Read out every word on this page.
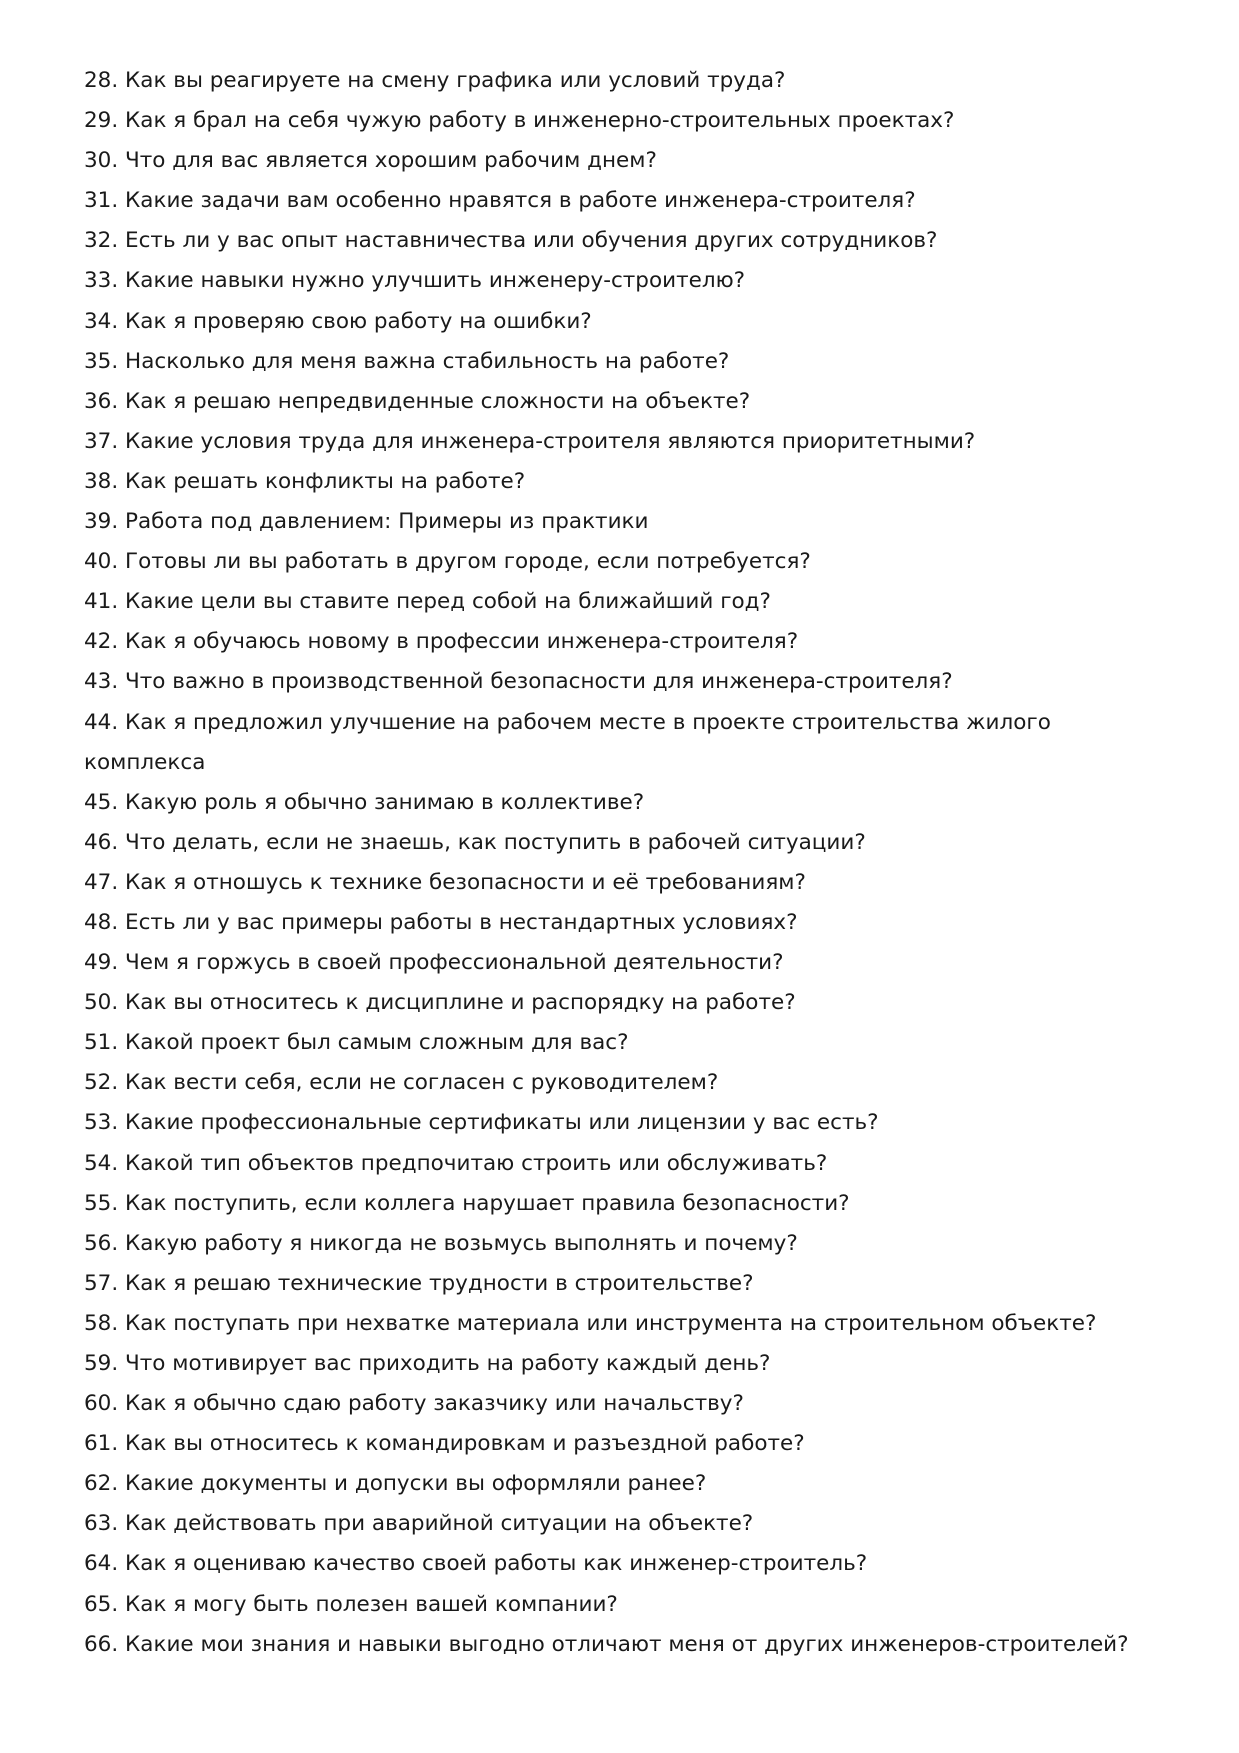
28. Как вы реагируете на смену графика или условий труда?
29. Как я брал на себя чужую работу в инженерно-строительных проектах?
30. Что для вас является хорошим рабочим днем?
31. Какие задачи вам особенно нравятся в работе инженера-строителя?
32. Есть ли у вас опыт наставничества или обучения других сотрудников?
33. Какие навыки нужно улучшить инженеру-строителю?
34. Как я проверяю свою работу на ошибки?
35. Насколько для меня важна стабильность на работе?
36. Как я решаю непредвиденные сложности на объекте?
37. Какие условия труда для инженера-строителя являются приоритетными?
38. Как решать конфликты на работе?
39. Работа под давлением: Примеры из практики
40. Готовы ли вы работать в другом городе, если потребуется?
41. Какие цели вы ставите перед собой на ближайший год?
42. Как я обучаюсь новому в профессии инженера-строителя?
43. Что важно в производственной безопасности для инженера-строителя?
44. Как я предложил улучшение на рабочем месте в проекте строительства жилого
комплекса
45. Какую роль я обычно занимаю в коллективе?
46. Что делать, если не знаешь, как поступить в рабочей ситуации?
47. Как я отношусь к технике безопасности и её требованиям?
48. Есть ли у вас примеры работы в нестандартных условиях?
49. Чем я горжусь в своей профессиональной деятельности?
50. Как вы относитесь к дисциплине и распорядку на работе?
51. Какой проект был самым сложным для вас?
52. Как вести себя, если не согласен с руководителем?
53. Какие профессиональные сертификаты или лицензии у вас есть?
54. Какой тип объектов предпочитаю строить или обслуживать?
55. Как поступить, если коллега нарушает правила безопасности?
56. Какую работу я никогда не возьмусь выполнять и почему?
57. Как я решаю технические трудности в строительстве?
58. Как поступать при нехватке материала или инструмента на строительном объекте?
59. Что мотивирует вас приходить на работу каждый день?
60. Как я обычно сдаю работу заказчику или начальству?
61. Как вы относитесь к командировкам и разъездной работе?
62. Какие документы и допуски вы оформляли ранее?
63. Как действовать при аварийной ситуации на объекте?
64. Как я оцениваю качество своей работы как инженер-строитель?
65. Как я могу быть полезен вашей компании?
66. Какие мои знания и навыки выгодно отличают меня от других инженеров-строителей?
